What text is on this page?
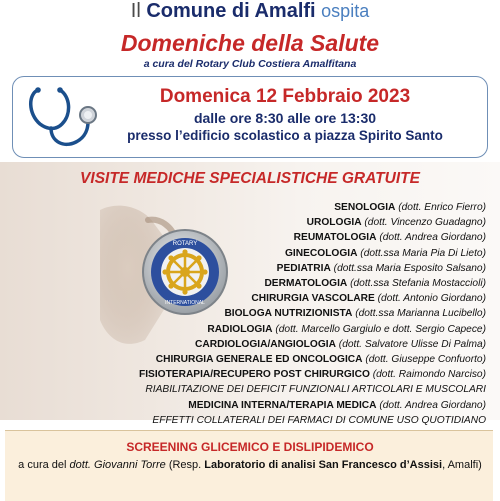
Il Comune di Amalfi ospita
Domeniche della Salute
a cura del Rotary Club Costiera Amalfitana
Domenica 12 Febbraio 2023
dalle ore 8:30 alle ore 13:30
presso l’edificio scolastico a piazza Spirito Santo
ROTARY
INTERNATIONAL
VISITE MEDICHE SPECIALISTICHE GRATUITE
SENOLOGIA (dott. Enrico Fierro)
UROLOGIA (dott. Vincenzo Guadagno)
REUMATOLOGIA (dott. Andrea Giordano)
GINECOLOGIA (dott.ssa Maria Pia Di Lieto)
PEDIATRIA (dott.ssa Maria Esposito Salsano)
DERMATOLOGIA (dott.ssa Stefania Mostaccioli)
CHIRURGIA VASCOLARE (dott. Antonio Giordano)
BIOLOGA NUTRIZIONISTA (dott.ssa Marianna Lucibello)
RADIOLOGIA (dott. Marcello Gargiulo e dott. Sergio Capece)
CARDIOLOGIA/ANGIOLOGIA (dott. Salvatore Ulisse Di Palma)
CHIRURGIA GENERALE ED ONCOLOGICA (dott. Giuseppe Confuorto)
FISIOTERAPIA/RECUPERO POST CHIRURGICO (dott. Raimondo Narciso)
RIABILITAZIONE DEI DEFICIT FUNZIONALI ARTICOLARI E MUSCOLARI
MEDICINA INTERNA/TERAPIA MEDICA (dott. Andrea Giordano)
EFFETTI COLLATERALI DEI FARMACI DI COMUNE USO QUOTIDIANO
SCREENING GLICEMICO E DISLIPIDEMICO
a cura del dott. Giovanni Torre (Resp. Laboratorio di analisi San Francesco d’Assisi, Amalfi)
